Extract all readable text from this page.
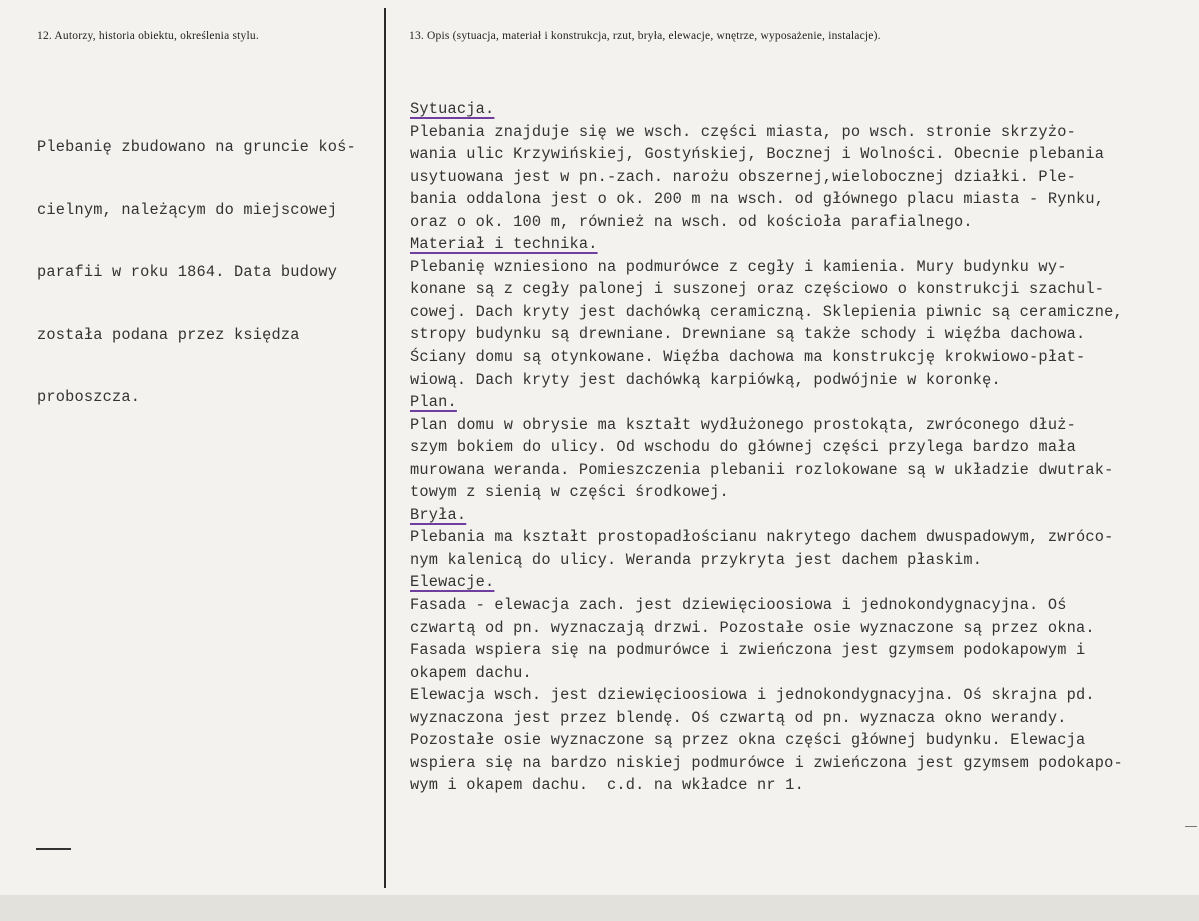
12. Autorzy, historia obiektu, określenia stylu.	13. Opis (sytuacja, materiał i konstrukcja, rzut, bryła, elewacje, wnętrze, wyposażenie, instalacje).

Plebanię zbudowano na gruncie koś-

cielnym, należącym do miejscowej

parafii w roku 1864. Data budowy

została podana przez księdza

proboszcza.

Sytuacja.
Plebania znajduje się we wsch. części miasta, po wsch. stronie skrzyżo-
wania ulic Krzywińskiej, Gostyńskiej, Bocznej i Wolności. Obecnie plebania
usytuowana jest w pn.-zach. narożu obszernej,wielobocznej działki. Ple-
bania oddalona jest o ok. 200 m na wsch. od głównego placu miasta - Rynku,
oraz o ok. 100 m, również na wsch. od kościoła parafialnego.
Materiał i technika.
Plebanię wzniesiono na podmurówce z cegły i kamienia. Mury budynku wy-
konane są z cegły palonej i suszonej oraz częściowo o konstrukcji szachul-
cowej. Dach kryty jest dachówką ceramiczną. Sklepienia piwnic są ceramiczne,
stropy budynku są drewniane. Drewniane są także schody i więźba dachowa.
Ściany domu są otynkowane. Więźba dachowa ma konstrukcję krokwiowo-płat-
wiową. Dach kryty jest dachówką karpiówką, podwójnie w koronkę.
Plan.
Plan domu w obrysie ma kształt wydłużonego prostokąta, zwróconego dłuż-
szym bokiem do ulicy. Od wschodu do głównej części przylega bardzo mała
murowana weranda. Pomieszczenia plebanii rozlokowane są w układzie dwutrak-
towym z sienią w części środkowej.
Bryła.
Plebania ma kształt prostopadłościanu nakrytego dachem dwuspadowym, zwróco-
nym kalenicą do ulicy. Weranda przykryta jest dachem płaskim.
Elewacje.
Fasada - elewacja zach. jest dziewięcioosiowa i jednokondygnacyjna. Oś
czwartą od pn. wyznaczają drzwi. Pozostałe osie wyznaczone są przez okna.
Fasada wspiera się na podmurówce i zwieńczona jest gzymsem podokapowym i
okapem dachu.
Elewacja wsch. jest dziewięcioosiowa i jednokondygnacyjna. Oś skrajna pd.
wyznaczona jest przez blendę. Oś czwartą od pn. wyznacza okno werandy.
Pozostałe osie wyznaczone są przez okna części głównej budynku. Elewacja
wspiera się na bardzo niskiej podmurówce i zwieńczona jest gzymsem podokapo-
wym i okapem dachu.  c.d. na wkładce nr 1.
